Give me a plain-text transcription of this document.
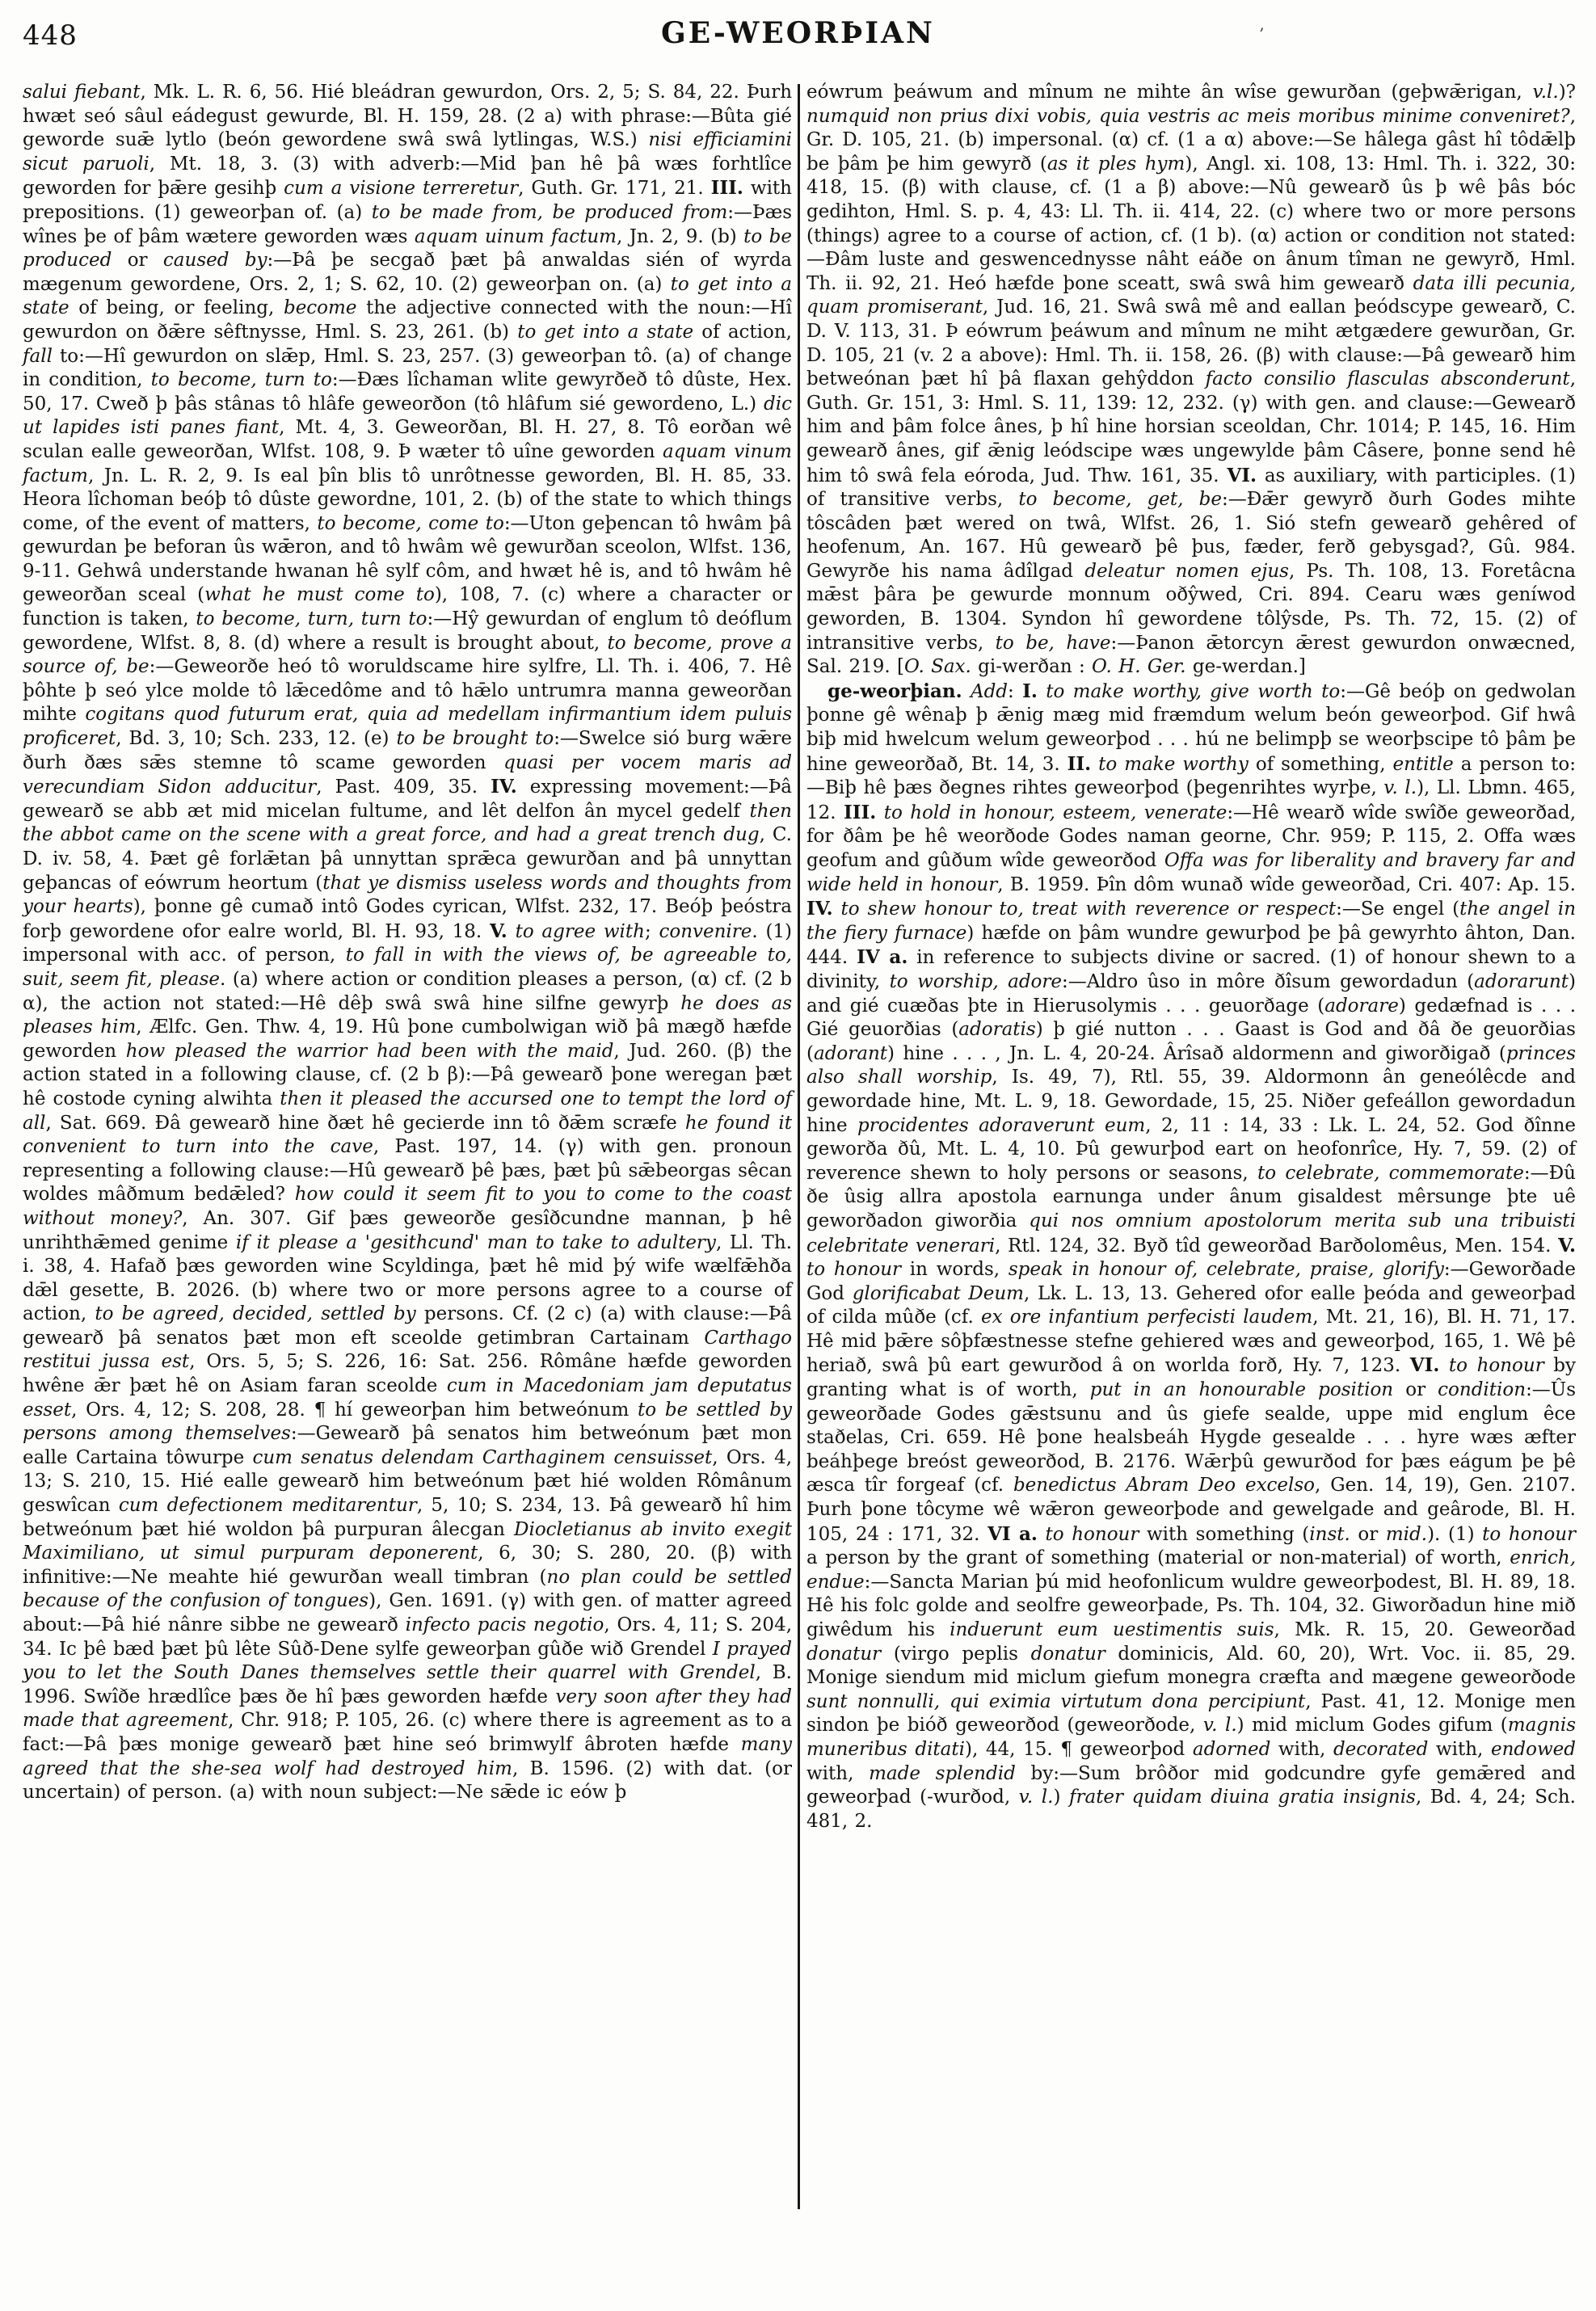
448	GE-WEORÞIAN	’

salui fiebant, Mk. L. R. 6, 56. Hié bleádran gewurdon, Ors. 2, 5; S. 84, 22. Þurh hwæt seó sâul eádegust gewurde, Bl. H. 159, 28. (2 a) with phrase:—Bûta gié geworde suǣ lytlo (beón gewordene swâ swâ lytlingas, W.S.) nisi efficiamini sicut paruoli, Mt. 18, 3. (3) with adverb:—Mid þan hê þâ wæs forhtlîce geworden for þǣre gesihþ cum a visione terreretur, Guth. Gr. 171, 21. III. with prepositions. (1) geweorþan of. (a) to be made from, be produced from:—Þæs wînes þe of þâm wætere geworden wæs aquam uinum factum, Jn. 2, 9. (b) to be produced or caused by:—Þâ þe secgað þæt þâ anwaldas sién of wyrda mægenum gewordene, Ors. 2, 1; S. 62, 10. (2) geweorþan on. (a) to get into a state of being, or feeling, become the adjective connected with the noun:—Hî gewurdon on ðǣre sêftnysse, Hml. S. 23, 261. (b) to get into a state of action, fall to:—Hî gewurdon on slǣp, Hml. S. 23, 257. (3) geweorþan tô. (a) of change in condition, to become, turn to:—Ðæs lîchaman wlite gewyrðeð tô dûste, Hex. 50, 17. Cweð þ þâs stânas tô hlâfe geweorðon (tô hlâfum sié gewordeno, L.) dic ut lapides isti panes fiant, Mt. 4, 3. Geweorðan, Bl. H. 27, 8. Tô eorðan wê sculan ealle geweorðan, Wlfst. 108, 9. Þ wæter tô uîne geworden aquam vinum factum, Jn. L. R. 2, 9. Is eal þîn blis tô unrôtnesse geworden, Bl. H. 85, 33. Heora lîchoman beóþ tô dûste gewordne, 101, 2. (b) of the state to which things come, of the event of matters, to become, come to:—Uton geþencan tô hwâm þâ gewurdan þe beforan ûs wǣron, and tô hwâm wê gewurðan sceolon, Wlfst. 136, 9-11. Gehwâ understande hwanan hê sylf côm, and hwæt hê is, and tô hwâm hê geweorðan sceal (what he must come to), 108, 7. (c) where a character or function is taken, to become, turn, turn to:—Hŷ gewurdan of englum tô deóflum gewordene, Wlfst. 8, 8. (d) where a result is brought about, to become, prove a source of, be:—Geweorðe heó tô woruldscame hire sylfre, Ll. Th. i. 406, 7. Hê þôhte þ seó ylce molde tô lǣcedôme and tô hǣlo untrumra manna geweorðan mihte cogitans quod futurum erat, quia ad medellam infirmantium idem puluis proficeret, Bd. 3, 10; Sch. 233, 12. (e) to be brought to:—Swelce sió burg wǣre ðurh ðæs sǣs stemne tô scame geworden quasi per vocem maris ad verecundiam Sidon adducitur, Past. 409, 35. IV. expressing movement:—Þâ gewearð se abb æt mid micelan fultume, and lêt delfon ân mycel gedelf then the abbot came on the scene with a great force, and had a great trench dug, C. D. iv. 58, 4. Þæt gê forlǣtan þâ unnyttan sprǣca gewurðan and þâ unnyttan geþancas of eówrum heortum (that ye dismiss useless words and thoughts from your hearts), þonne gê cumað intô Godes cyrican, Wlfst. 232, 17. Beóþ þeóstra forþ gewordene ofor ealre world, Bl. H. 93, 18. V. to agree with; convenire. (1) impersonal with acc. of person, to fall in with the views of, be agreeable to, suit, seem fit, please. (a) where action or condition pleases a person, (α) cf. (2 b α), the action not stated:—Hê dêþ swâ swâ hine silfne gewyrþ he does as pleases him, Ælfc. Gen. Thw. 4, 19. Hû þone cumbolwigan wið þâ mægð hæfde geworden how pleased the warrior had been with the maid, Jud. 260. (β) the action stated in a following clause, cf. (2 b β):—Þâ gewearð þone weregan þæt hê costode cyning alwihta then it pleased the accursed one to tempt the lord of all, Sat. 669. Ðâ gewearð hine ðæt hê gecierde inn tô ðǣm scræfe he found it convenient to turn into the cave, Past. 197, 14. (γ) with gen. pronoun representing a following clause:—Hû gewearð þê þæs, þæt þû sǣbeorgas sêcan woldes mâðmum bedǣled? how could it seem fit to you to come to the coast without money?, An. 307. Gif þæs geweorðe gesîðcundne mannan, þ hê unrihthǣmed genime if it please a 'gesithcund' man to take to adultery, Ll. Th. i. 38, 4. Hafað þæs geworden wine Scyldinga, þæt hê mid þý wife wælfǣhða dǣl gesette, B. 2026. (b) where two or more persons agree to a course of action, to be agreed, decided, settled by persons. Cf. (2 c) (a) with clause:—Þâ gewearð þâ senatos þæt mon eft sceolde getimbran Cartainam Carthago restitui jussa est, Ors. 5, 5; S. 226, 16: Sat. 256. Rômâne hæfde geworden hwêne ǣr þæt hê on Asiam faran sceolde cum in Macedoniam jam deputatus esset, Ors. 4, 12; S. 208, 28. ¶ hí geweorþan him betweónum to be settled by persons among themselves:—Gewearð þâ senatos him betweónum þæt mon ealle Cartaina tôwurpe cum senatus delendam Carthaginem censuisset, Ors. 4, 13; S. 210, 15. Hié ealle gewearð him betweónum þæt hié wolden Rômânum geswîcan cum defectionem meditarentur, 5, 10; S. 234, 13. Þâ gewearð hî him betweónum þæt hié woldon þâ purpuran âlecgan Diocletianus ab invito exegit Maximiliano, ut simul purpuram deponerent, 6, 30; S. 280, 20. (β) with infinitive:—Ne meahte hié gewurðan weall timbran (no plan could be settled because of the confusion of tongues), Gen. 1691. (γ) with gen. of matter agreed about:—Þâ hié nânre sibbe ne gewearð infecto pacis negotio, Ors. 4, 11; S. 204, 34. Ic þê bæd þæt þû lête Sûð-Dene sylfe geweorþan gûðe wið Grendel I prayed you to let the South Danes themselves settle their quarrel with Grendel, B. 1996. Swîðe hrædlîce þæs ðe hî þæs geworden hæfde very soon after they had made that agreement, Chr. 918; P. 105, 26. (c) where there is agreement as to a fact:—Þâ þæs monige gewearð þæt hine seó brimwylf âbroten hæfde many agreed that the she-sea wolf had destroyed him, B. 1596. (2) with dat. (or uncertain) of person. (a) with noun subject:—Ne sǣde ic eów þ

eówrum þeáwum and mînum ne mihte ân wîse gewurðan (geþwǣrigan, v.l.)? numquid non prius dixi vobis, quia vestris ac meis moribus minime conveniret?, Gr. D. 105, 21. (b) impersonal. (α) cf. (1 a α) above:—Se hâlega gâst hî tôdǣlþ be þâm þe him gewyrð (as it ples hym), Angl. xi. 108, 13: Hml. Th. i. 322, 30: 418, 15. (β) with clause, cf. (1 a β) above:—Nû gewearð ûs þ wê þâs bóc gedihton, Hml. S. p. 4, 43: Ll. Th. ii. 414, 22. (c) where two or more persons (things) agree to a course of action, cf. (1 b). (α) action or condition not stated:—Ðâm luste and geswencednysse nâht eáðe on ânum tîman ne gewyrð, Hml. Th. ii. 92, 21. Heó hæfde þone sceatt, swâ swâ him gewearð data illi pecunia, quam promiserant, Jud. 16, 21. Swâ swâ mê and eallan þeódscype gewearð, C. D. V. 113, 31. Þ eówrum þeáwum and mînum ne miht ætgædere gewurðan, Gr. D. 105, 21 (v. 2 a above): Hml. Th. ii. 158, 26. (β) with clause:—Þâ gewearð him betweónan þæt hî þâ flaxan gehŷddon facto consilio flasculas absconderunt, Guth. Gr. 151, 3: Hml. S. 11, 139: 12, 232. (γ) with gen. and clause:—Gewearð him and þâm folce ânes, þ hî hine horsian sceoldan, Chr. 1014; P. 145, 16. Him gewearð ânes, gif ǣnig leódscipe wæs ungewylde þâm Câsere, þonne send hê him tô swâ fela eóroda, Jud. Thw. 161, 35. VI. as auxiliary, with participles. (1) of transitive verbs, to become, get, be:—Ðǣr gewyrð ðurh Godes mihte tôscâden þæt wered on twâ, Wlfst. 26, 1. Sió stefn gewearð gehêred of heofenum, An. 167. Hû gewearð þê þus, fæder, ferð gebysgad?, Gû. 984. Gewyrðe his nama âdîlgad deleatur nomen ejus, Ps. Th. 108, 13. Foretâcna mǣst þâra þe gewurde monnum oðŷwed, Cri. 894. Cearu wæs geníwod geworden, B. 1304. Syndon hî gewordene tôlŷsde, Ps. Th. 72, 15. (2) of intransitive verbs, to be, have:—Þanon ǣtorcyn ǣrest gewurdon onwæcned, Sal. 219. [O. Sax. gi-werðan : O. H. Ger. ge-werdan.]

ge-weorþian. Add: I. to make worthy, give worth to:—Gê beóþ on gedwolan þonne gê wênaþ þ ǣnig mæg mid fræmdum welum beón geweorþod. Gif hwâ biþ mid hwelcum welum geweorþod . . . hú ne belimpþ se weorþscipe tô þâm þe hine geweorðað, Bt. 14, 3. II. to make worthy of something, entitle a person to:—Biþ hê þæs ðegnes rihtes geweorþod (þegenrihtes wyrþe, v. l.), Ll. Lbmn. 465, 12. III. to hold in honour, esteem, venerate:—Hê wearð wîde swîðe geweorðad, for ðâm þe hê weorðode Godes naman georne, Chr. 959; P. 115, 2. Offa wæs geofum and gûðum wîde geweorðod Offa was for liberality and bravery far and wide held in honour, B. 1959. Þîn dôm wunað wîde geweorðad, Cri. 407: Ap. 15. IV. to shew honour to, treat with reverence or respect:—Se engel (the angel in the fiery furnace) hæfde on þâm wundre gewurþod þe þâ gewyrhto âhton, Dan. 444. IV a. in reference to subjects divine or sacred. (1) of honour shewn to a divinity, to worship, adore:—Aldro ûso in môre ðîsum gewordadun (adorarunt) and gié cuæðas þte in Hierusolymis . . . geuorðage (adorare) gedæfnad is . . . Gié geuorðias (adoratis) þ gié nutton . . . Gaast is God and ðâ ðe geuorðias (adorant) hine . . . , Jn. L. 4, 20-24. Ârîsað aldormenn and giworðigað (princes also shall worship, Is. 49, 7), Rtl. 55, 39. Aldormonn ân geneólêcde and gewordade hine, Mt. L. 9, 18. Gewordade, 15, 25. Niðer gefeállon gewordadun hine procidentes adoraverunt eum, 2, 11 : 14, 33 : Lk. L. 24, 52. God ðînne geworða ðû, Mt. L. 4, 10. Þû gewurþod eart on heofonrîce, Hy. 7, 59. (2) of reverence shewn to holy persons or seasons, to celebrate, commemorate:—Ðû ðe ûsig allra apostola earnunga under ânum gisaldest mêrsunge þte uê geworðadon giworðia qui nos omnium apostolorum merita sub una tribuisti celebritate venerari, Rtl. 124, 32. Byð tîd geweorðad Barðolomêus, Men. 154. V. to honour in words, speak in honour of, celebrate, praise, glorify:—Geworðade God glorificabat Deum, Lk. L. 13, 13. Gehered ofor ealle þeóda and geweorþad of cilda mûðe (cf. ex ore infantium perfecisti laudem, Mt. 21, 16), Bl. H. 71, 17. Hê mid þǣre sôþfæstnesse stefne gehiered wæs and geweorþod, 165, 1. Wê þê heriað, swâ þû eart gewurðod â on worlda forð, Hy. 7, 123. VI. to honour by granting what is of worth, put in an honourable position or condition:—Ûs geweorðade Godes gǣstsunu and ûs giefe sealde, uppe mid englum êce staðelas, Cri. 659. Hê þone healsbeáh Hygde gesealde . . . hyre wæs æfter beáhþege breóst geweorðod, B. 2176. Wǣrþû gewurðod for þæs eágum þe þê æsca tîr forgeaf (cf. benedictus Abram Deo excelso, Gen. 14, 19), Gen. 2107. Þurh þone tôcyme wê wǣron geweorþode and gewelgade and geârode, Bl. H. 105, 24 : 171, 32. VI a. to honour with something (inst. or mid.). (1) to honour a person by the grant of something (material or non-material) of worth, enrich, endue:—Sancta Marian þú mid heofonlicum wuldre geweorþodest, Bl. H. 89, 18. Hê his folc golde and seolfre geweorþade, Ps. Th. 104, 32. Giworðadun hine mið giwêdum his induerunt eum uestimentis suis, Mk. R. 15, 20. Geweorðad donatur (virgo peplis donatur dominicis, Ald. 60, 20), Wrt. Voc. ii. 85, 29. Monige siendum mid miclum giefum monegra cræfta and mægene geweorðode sunt nonnulli, qui eximia virtutum dona percipiunt, Past. 41, 12. Monige men sindon þe bióð geweorðod (geweorðode, v. l.) mid miclum Godes gifum (magnis muneribus ditati), 44, 15. ¶ geweorþod adorned with, decorated with, endowed with, made splendid by:—Sum brôðor mid godcundre gyfe gemǣred and geweorþad (-wurðod, v. l.) frater quidam diuina gratia insignis, Bd. 4, 24; Sch. 481, 2.
